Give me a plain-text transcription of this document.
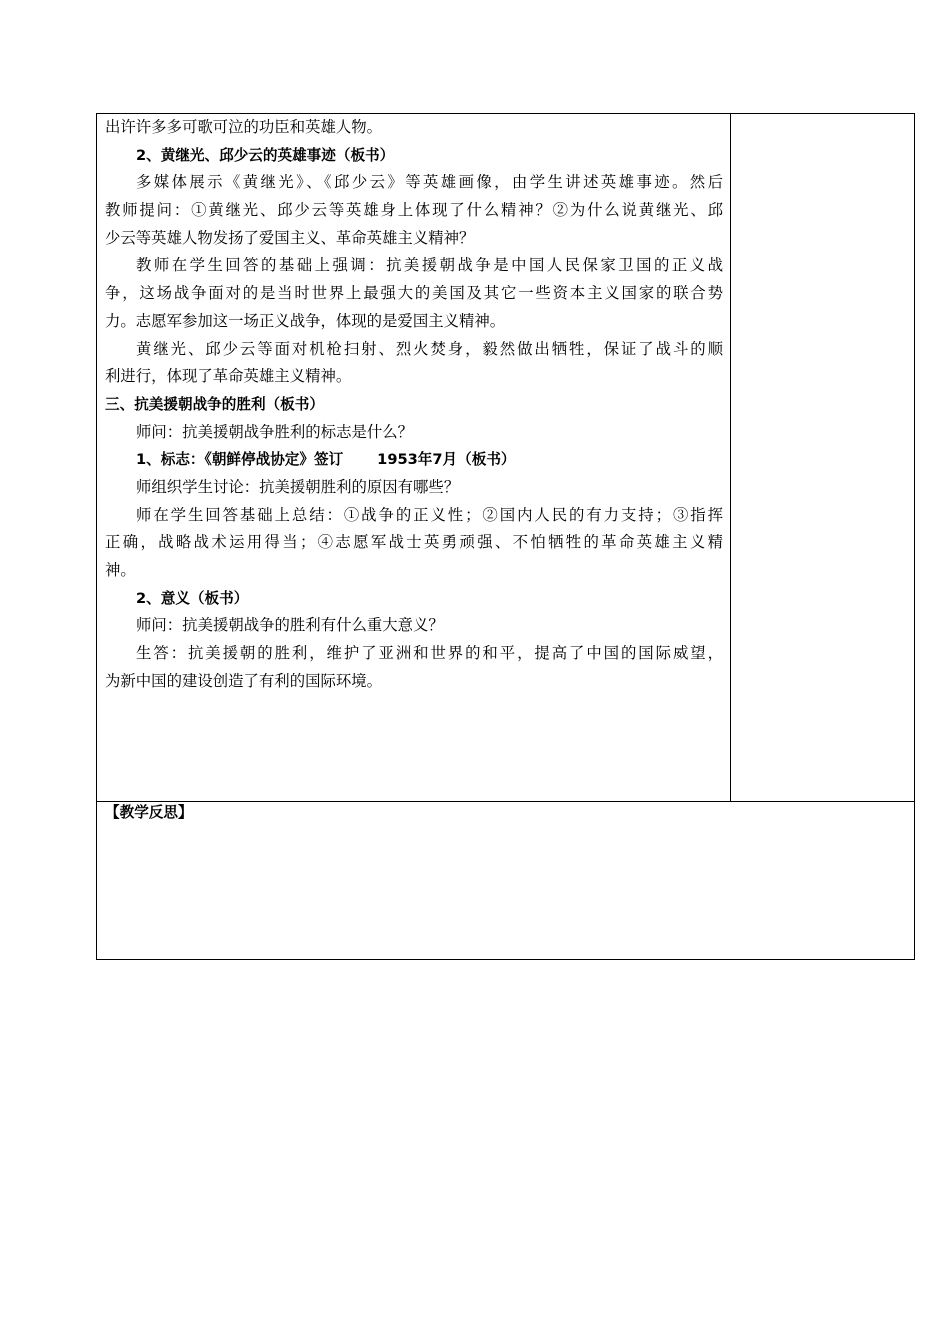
出许许多多可歌可泣的功臣和英雄人物。
2、黄继光、邱少云的英雄事迹（板书）
多媒体展示《黄继光》、《邱少云》等英雄画像，由学生讲述英雄事迹。然后
教师提问：①黄继光、邱少云等英雄身上体现了什么精神？②为什么说黄继光、邱
少云等英雄人物发扬了爱国主义、革命英雄主义精神？
教师在学生回答的基础上强调：抗美援朝战争是中国人民保家卫国的正义战
争，这场战争面对的是当时世界上最强大的美国及其它一些资本主义国家的联合势
力。志愿军参加这一场正义战争，体现的是爱国主义精神。
黄继光、邱少云等面对机枪扫射、烈火焚身，毅然做出牺牲，保证了战斗的顺
利进行，体现了革命英雄主义精神。
三、抗美援朝战争的胜利（板书）
师问：抗美援朝战争胜利的标志是什么？
1、标志：《朝鲜停战协定》签订 1953年7月（板书）
师组织学生讨论：抗美援朝胜利的原因有哪些？
师在学生回答基础上总结：①战争的正义性；②国内人民的有力支持；③指挥
正确，战略战术运用得当；④志愿军战士英勇顽强、不怕牺牲的革命英雄主义精
神。
2、意义（板书）
师问：抗美援朝战争的胜利有什么重大意义？
生答：抗美援朝的胜利，维护了亚洲和世界的和平，提高了中国的国际威望，
为新中国的建设创造了有利的国际环境。
【教学反思】
